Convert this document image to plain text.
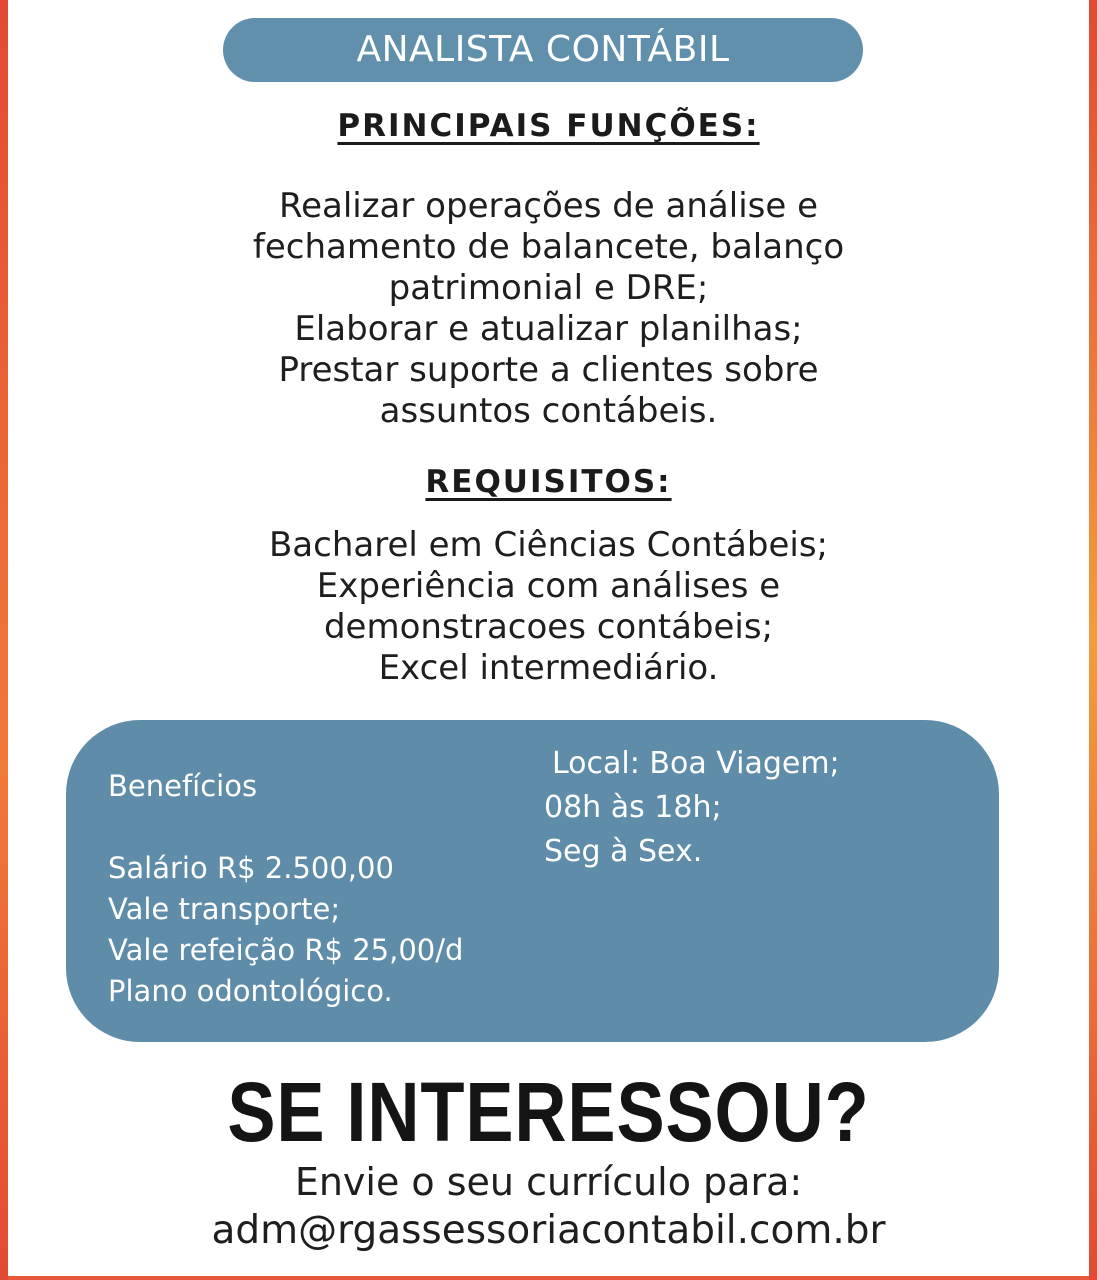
ANALISTA CONTÁBIL
PRINCIPAIS FUNÇÕES:
Realizar operações de análise e
fechamento de balancete, balanço
patrimonial e DRE;
Elaborar e atualizar planilhas;
Prestar suporte a clientes sobre
assuntos contábeis.
REQUISITOS:
Bacharel em Ciências Contábeis;
Experiência com análises e
demonstracoes contábeis;
Excel intermediário.
Benefícios
Salário R$ 2.500,00
Vale transporte;
Vale refeição R$ 25,00/d
Plano odontológico.
Local: Boa Viagem;
08h às 18h;
Seg à Sex.
SE INTERESSOU?
Envie o seu currículo para:
adm@rgassessoriacontabil.com.br
